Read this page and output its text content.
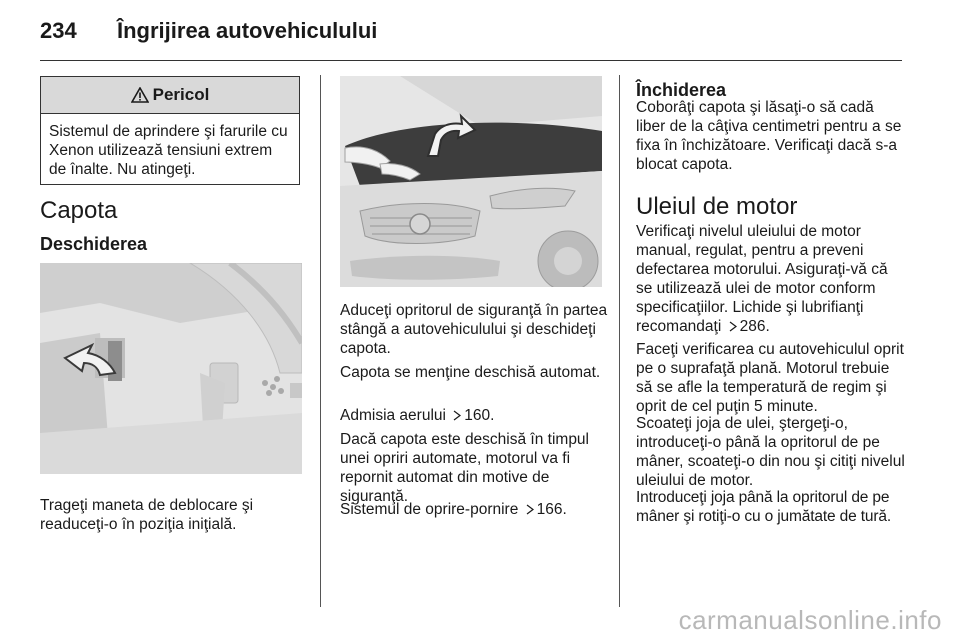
234 Îngrijirea autovehiculului
Pericol

Sistemul de aprindere şi farurile cu Xenon utilizează tensiuni extrem de înalte. Nu atingeţi.

Capota
Deschiderea

Trageţi maneta de deblocare şi readuceţi-o în poziţia iniţială.

Aduceţi opritorul de siguranţă în partea stângă a autovehiculului şi deschideţi capota.

Capota se menţine deschisă automat.

Admisia aerului 160.

Dacă capota este deschisă în timpul unei opriri automate, motorul va fi repornit automat din motive de siguranţă.

Sistemul de oprire-pornire 166.

Închiderea

Coborâţi capota şi lăsaţi-o să cadă liber de la câţiva centimetri pentru a se fixa în închizătoare. Verificaţi dacă s-a blocat capota.

Uleiul de motor

Verificaţi nivelul uleiului de motor manual, regulat, pentru a preveni defectarea motorului. Asiguraţi-vă că se utilizează ulei de motor conform specificaţiilor. Lichide şi lubrifianţi recomandaţi 286.

Faceţi verificarea cu autovehiculul oprit pe o suprafaţă plană. Motorul trebuie să se afle la temperatură de regim şi oprit de cel puţin 5 minute.

Scoateţi joja de ulei, ştergeţi-o, introduceţi-o până la opritorul de pe mâner, scoateţi-o din nou şi citiţi nivelul uleiului de motor.

Introduceţi joja până la opritorul de pe mâner şi rotiţi-o cu o jumătate de tură.

carmanualsonline.info
